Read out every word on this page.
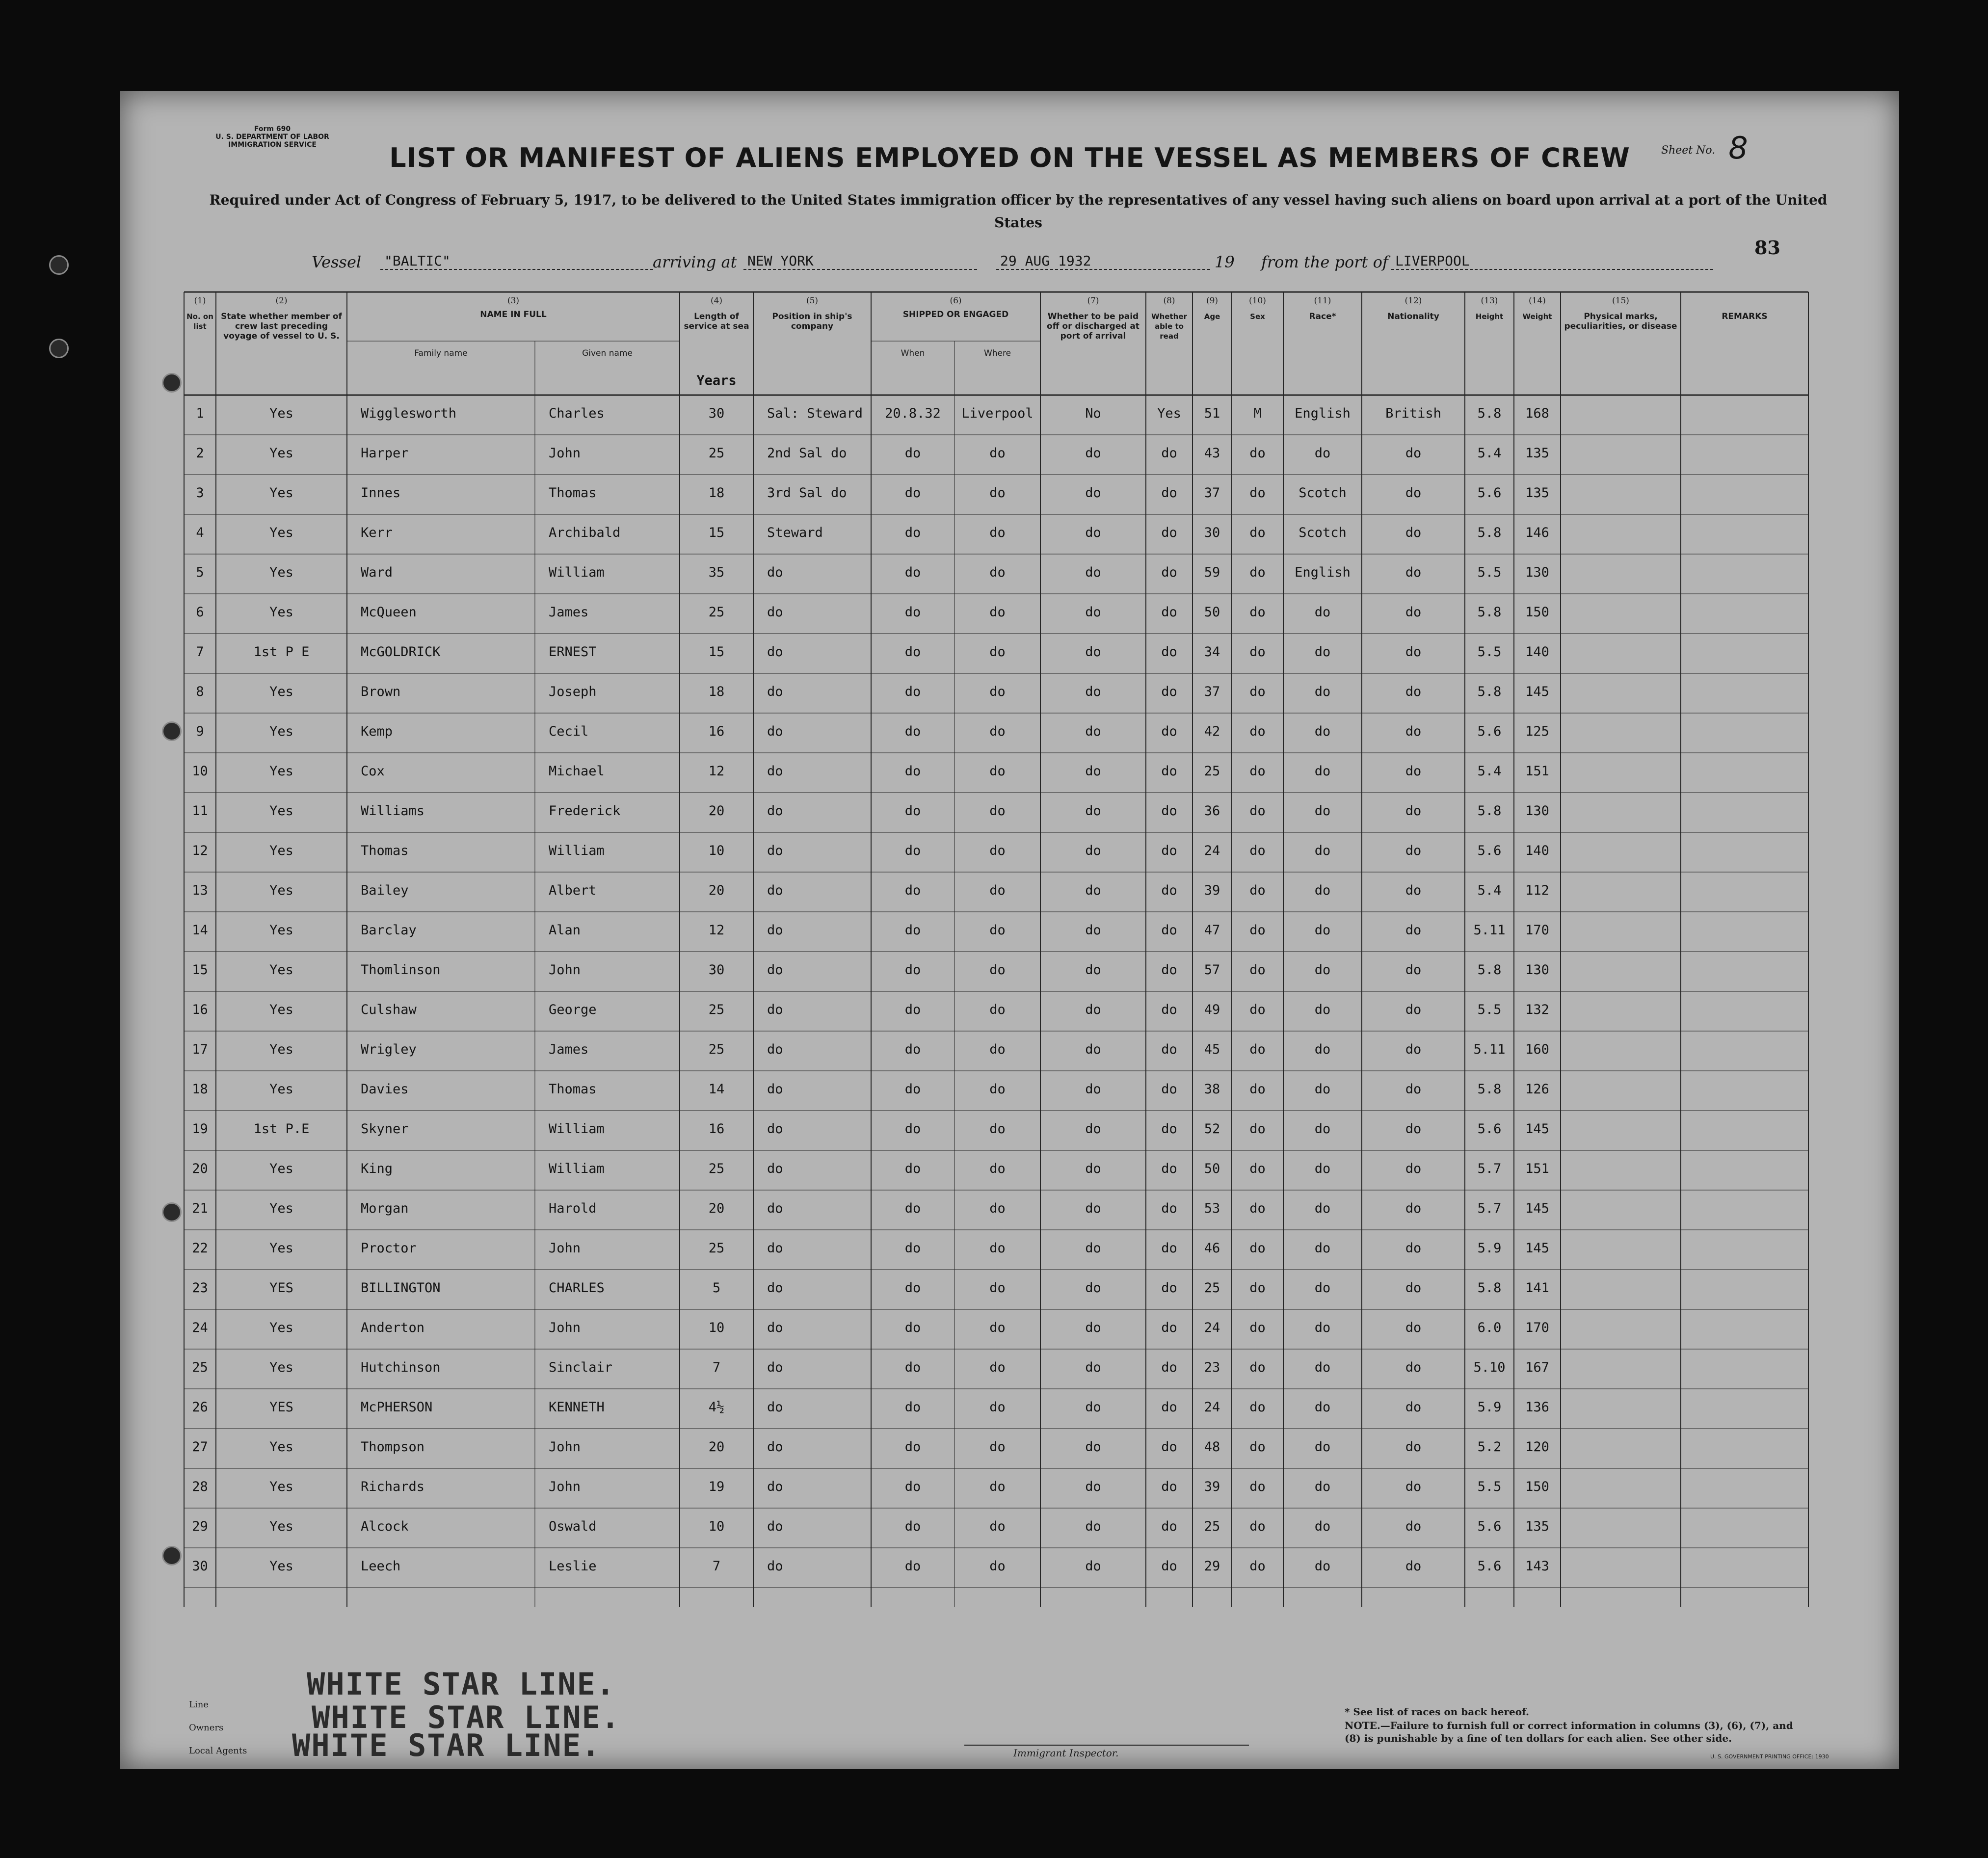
Form 690
U. S. DEPARTMENT OF LABOR
IMMIGRATION SERVICE	Sheet No. 8
LIST OR MANIFEST OF ALIENS EMPLOYED ON THE VESSEL AS MEMBERS OF CREW
Required under Act of Congress of February 5, 1917, to be delivered to the United States immigration officer by the representatives of any vessel having such aliens on board upon arrival at a port of the United States
83
Vessel "BALTIC"	arriving at NEW YORK	29 AUG 1932	19 from the port of LIVERPOOL
(1)
No. on list
(2)
State whether member of crew last preceding voyage of vessel to U. S.
(3)
NAME IN FULL
Family name	Given name
(4)
Length of service at sea
(5)
Position in ship's company
(6)
SHIPPED OR ENGAGED
When	Where
(7)
Whether to be paid off or discharged at port of arrival
(8)
Whether able to read
(9)
Age
(10)
Sex
(11)
Race*
(12)
Nationality
(13)
Height
(14)
Weight
(15)
Physical marks, peculiarities, or disease
REMARKS
Years
1	Yes	Wigglesworth	Charles	30	Sal: Steward	20.8.32	Liverpool	No	Yes	51	M	English	British	5.8	168
2	Yes	Harper	John	25	2nd Sal do	do	do	do	do	43	do	do	do	5.4	135
3	Yes	Innes	Thomas	18	3rd Sal do	do	do	do	do	37	do	Scotch	do	5.6	135
4	Yes	Kerr	Archibald	15	Steward	do	do	do	do	30	do	Scotch	do	5.8	146
5	Yes	Ward	William	35	do	do	do	do	do	59	do	English	do	5.5	130
6	Yes	McQueen	James	25	do	do	do	do	do	50	do	do	do	5.8	150
7	1st P E	McGOLDRICK	ERNEST	15	do	do	do	do	do	34	do	do	do	5.5	140
8	Yes	Brown	Joseph	18	do	do	do	do	do	37	do	do	do	5.8	145
9	Yes	Kemp	Cecil	16	do	do	do	do	do	42	do	do	do	5.6	125
10	Yes	Cox	Michael	12	do	do	do	do	do	25	do	do	do	5.4	151
11	Yes	Williams	Frederick	20	do	do	do	do	do	36	do	do	do	5.8	130
12	Yes	Thomas	William	10	do	do	do	do	do	24	do	do	do	5.6	140
13	Yes	Bailey	Albert	20	do	do	do	do	do	39	do	do	do	5.4	112
14	Yes	Barclay	Alan	12	do	do	do	do	do	47	do	do	do	5.11	170
15	Yes	Thomlinson	John	30	do	do	do	do	do	57	do	do	do	5.8	130
16	Yes	Culshaw	George	25	do	do	do	do	do	49	do	do	do	5.5	132
17	Yes	Wrigley	James	25	do	do	do	do	do	45	do	do	do	5.11	160
18	Yes	Davies	Thomas	14	do	do	do	do	do	38	do	do	do	5.8	126
19	1st P.E	Skyner	William	16	do	do	do	do	do	52	do	do	do	5.6	145
20	Yes	King	William	25	do	do	do	do	do	50	do	do	do	5.7	151
21	Yes	Morgan	Harold	20	do	do	do	do	do	53	do	do	do	5.7	145
22	Yes	Proctor	John	25	do	do	do	do	do	46	do	do	do	5.9	145
23	YES	BILLINGTON	CHARLES	5	do	do	do	do	do	25	do	do	do	5.8	141
24	Yes	Anderton	John	10	do	do	do	do	do	24	do	do	do	6.0	170
25	Yes	Hutchinson	Sinclair	7	do	do	do	do	do	23	do	do	do	5.10	167
26	YES	McPHERSON	KENNETH	4½	do	do	do	do	do	24	do	do	do	5.9	136
27	Yes	Thompson	John	20	do	do	do	do	do	48	do	do	do	5.2	120
28	Yes	Richards	John	19	do	do	do	do	do	39	do	do	do	5.5	150
29	Yes	Alcock	Oswald	10	do	do	do	do	do	25	do	do	do	5.6	135
30	Yes	Leech	Leslie	7	do	do	do	do	do	29	do	do	do	5.6	143
Line
Owners
Local Agents
WHITE STAR LINE.
WHITE STAR LINE.
WHITE STAR LINE.	Immigrant Inspector.
* See list of races on back hereof.
NOTE.—Failure to furnish full or correct information in columns (3), (6), (7), and (8) is punishable by a fine of ten dollars for each alien. See other side.
U. S. GOVERNMENT PRINTING OFFICE: 1930
